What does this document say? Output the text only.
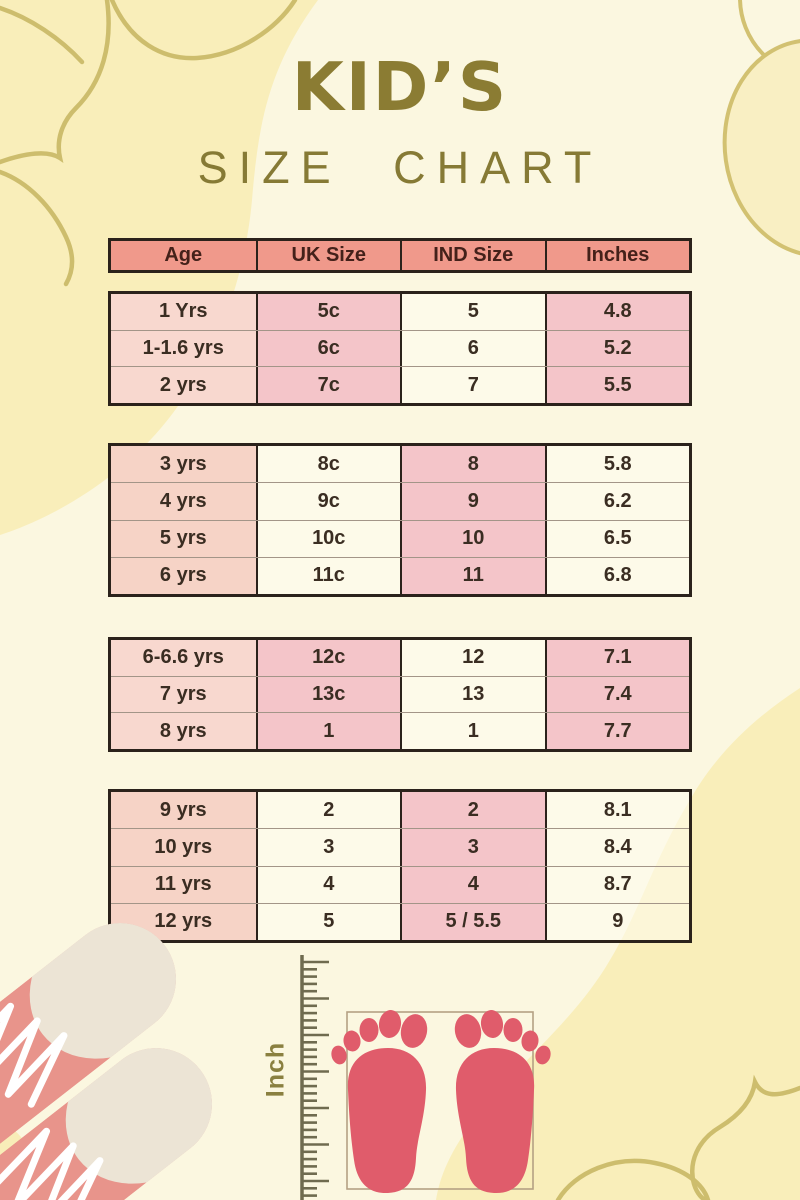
KID’S
SIZE CHART
Age	UK Size	IND Size	Inches
1 Yrs	5c	5	4.8
1-1.6 yrs	6c	6	5.2
2 yrs	7c	7	5.5
3 yrs	8c	8	5.8
4 yrs	9c	9	6.2
5 yrs	10c	10	6.5
6 yrs	11c	11	6.8
6-6.6 yrs	12c	12	7.1
7 yrs	13c	13	7.4
8 yrs	1	1	7.7
9 yrs	2	2	8.1
10 yrs	3	3	8.4
11 yrs	4	4	8.7
12 yrs	5	5 / 5.5	9
Inch
